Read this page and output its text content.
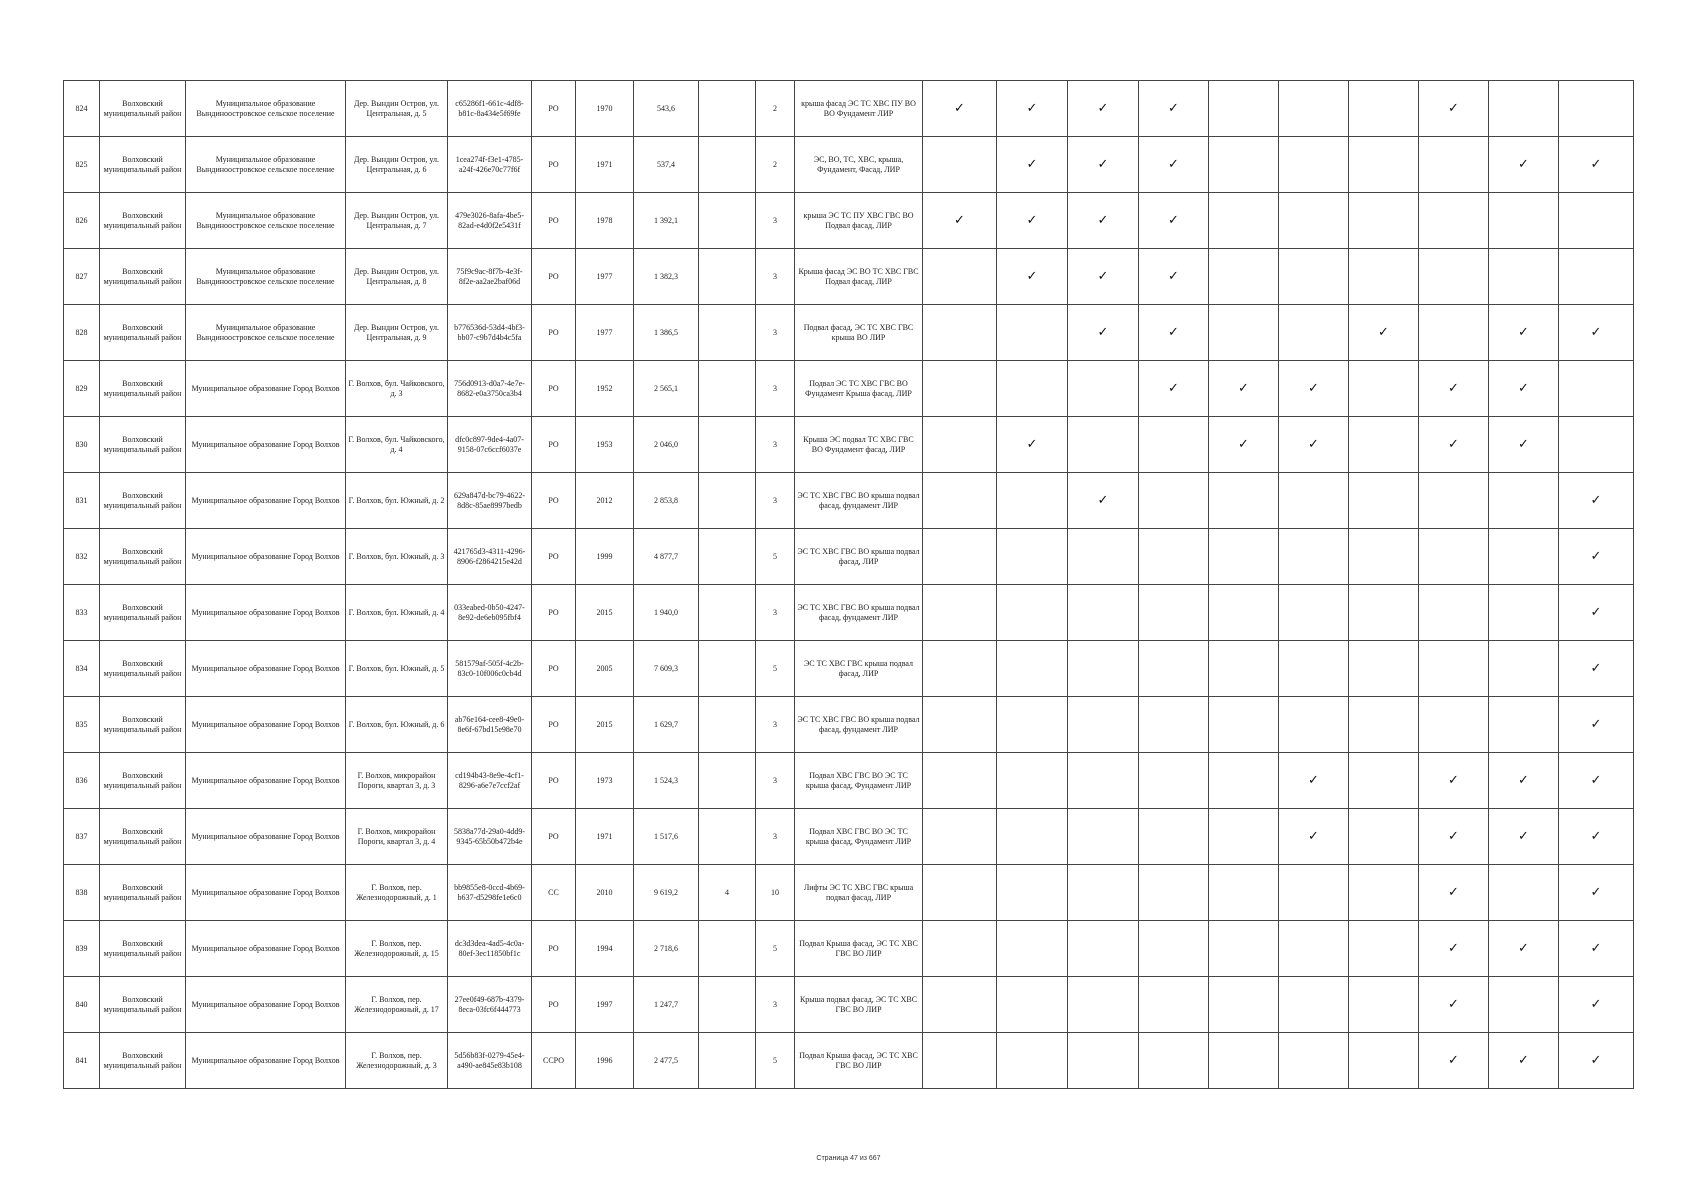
824	Волховский муниципальный район	Муниципальное образование Вындиноостровское сельское поселение	Дер. Вындин Остров, ул. Центральная, д. 5	c65286f1-661c-4df8-b81c-8a434e5f69fe	РО	1970	543,6		2	крыша фасад ЭС ТС ХВС ПУ ВО ВО Фундамент ЛИР	✓	✓	✓	✓				✓		
825	Волховский муниципальный район	Муниципальное образование Вындиноостровское сельское поселение	Дер. Вындин Остров, ул. Центральная, д. 6	1cea274f-f3e1-4785-a24f-426e70c77f6f	РО	1971	537,4		2	ЭС, ВО, ТС, ХВС, крыша, Фундамент, Фасад, ЛИР		✓	✓	✓					✓	✓
826	Волховский муниципальный район	Муниципальное образование Вындиноостровское сельское поселение	Дер. Вындин Остров, ул. Центральная, д. 7	479e3026-8afa-4be5-82ad-e4d0f2e5431f	РО	1978	1 392,1		3	крыша ЭС ТС ПУ ХВС ГВС ВО Подвал фасад, ЛИР	✓	✓	✓	✓						
827	Волховский муниципальный район	Муниципальное образование Вындиноостровское сельское поселение	Дер. Вындин Остров, ул. Центральная, д. 8	75f9c9ac-8f7b-4e3f-8f2e-aa2ae2baf06d	РО	1977	1 382,3		3	Крыша фасад ЭС ВО ТС ХВС ГВС Подвал фасад, ЛИР		✓	✓	✓						
828	Волховский муниципальный район	Муниципальное образование Вындиноостровское сельское поселение	Дер. Вындин Остров, ул. Центральная, д. 9	b776536d-53d4-4bf3-bb07-c9b7d4b4c5fa	РО	1977	1 386,5		3	Подвал фасад, ЭС ТС ХВС ГВС крыша ВО ЛИР			✓	✓			✓		✓	✓
829	Волховский муниципальный район	Муниципальное образование Город Волхов	Г. Волхов, бул. Чайковского, д. 3	756d0913-d0a7-4e7e-8682-e0a3750ca3b4	РО	1952	2 565,1		3	Подвал ЭС ТС ХВС ГВС ВО Фундамент Крыша фасад, ЛИР				✓	✓	✓		✓	✓	
830	Волховский муниципальный район	Муниципальное образование Город Волхов	Г. Волхов, бул. Чайковского, д. 4	dfc0c897-9de4-4a07-9158-07c6ccf6037e	РО	1953	2 046,0		3	Крыша ЭС подвал ТС ХВС ГВС ВО Фундамент фасад, ЛИР		✓			✓	✓		✓	✓	
831	Волховский муниципальный район	Муниципальное образование Город Волхов	Г. Волхов, бул. Южный, д. 2	629a847d-bc79-4622-8d8c-85ae8997bedb	РО	2012	2 853,8		3	ЭС ТС ХВС ГВС ВО крыша подвал фасад, фундамент ЛИР			✓							✓
832	Волховский муниципальный район	Муниципальное образование Город Волхов	Г. Волхов, бул. Южный, д. 3	421765d3-4311-4296-8906-f2864215e42d	РО	1999	4 877,7		5	ЭС ТС ХВС ГВС ВО крыша подвал фасад, ЛИР										✓
833	Волховский муниципальный район	Муниципальное образование Город Волхов	Г. Волхов, бул. Южный, д. 4	033eabed-0b50-4247-8e92-de6eb095fbf4	РО	2015	1 940,0		3	ЭС ТС ХВС ГВС ВО крыша подвал фасад, фундамент ЛИР										✓
834	Волховский муниципальный район	Муниципальное образование Город Волхов	Г. Волхов, бул. Южный, д. 5	581579af-505f-4c2b-83c0-10f006c0cb4d	РО	2005	7 609,3		5	ЭС ТС ХВС ГВС крыша подвал фасад, ЛИР										✓
835	Волховский муниципальный район	Муниципальное образование Город Волхов	Г. Волхов, бул. Южный, д. 6	ab76e164-cee8-49e0-8e6f-67bd15e98e70	РО	2015	1 629,7		3	ЭС ТС ХВС ГВС ВО крыша подвал фасад, фундамент ЛИР										✓
836	Волховский муниципальный район	Муниципальное образование Город Волхов	Г. Волхов, микрорайон Пороги, квартал 3, д. 3	cd194b43-8e9e-4cf1-8296-a6e7e7ccf2af	РО	1973	1 524,3		3	Подвал ХВС ГВС ВО ЭС ТС крыша фасад, Фундамент ЛИР						✓		✓	✓	✓
837	Волховский муниципальный район	Муниципальное образование Город Волхов	Г. Волхов, микрорайон Пороги, квартал 3, д. 4	5838a77d-29a0-4dd9-9345-65b50b472b4e	РО	1971	1 517,6		3	Подвал ХВС ГВС ВО ЭС ТС крыша фасад, Фундамент ЛИР						✓		✓	✓	✓
838	Волховский муниципальный район	Муниципальное образование Город Волхов	Г. Волхов, пер. Железнодорожный, д. 1	bb9855e8-0ccd-4b69-b637-d5298fe1e6c0	СС	2010	9 619,2	4	10	Лифты ЭС ТС ХВС ГВС крыша подвал фасад, ЛИР								✓		✓
839	Волховский муниципальный район	Муниципальное образование Город Волхов	Г. Волхов, пер. Железнодорожный, д. 15	dc3d3dea-4ad5-4c0a-80ef-3ec11850bf1c	РО	1994	2 718,6		5	Подвал Крыша фасад, ЭС ТС ХВС ГВС ВО ЛИР								✓	✓	✓
840	Волховский муниципальный район	Муниципальное образование Город Волхов	Г. Волхов, пер. Железнодорожный, д. 17	27ee0f49-687b-4379-8eca-03fc6f444773	РО	1997	1 247,7		3	Крыша подвал фасад, ЭС ТС ХВС ГВС ВО ЛИР								✓		✓
841	Волховский муниципальный район	Муниципальное образование Город Волхов	Г. Волхов, пер. Железнодорожный, д. 3	5d56b83f-0279-45e4-a490-ae845e83b108	ССРО	1996	2 477,5		5	Подвал Крыша фасад, ЭС ТС ХВС ГВС ВО ЛИР								✓	✓	✓
Страница 47 из 667
